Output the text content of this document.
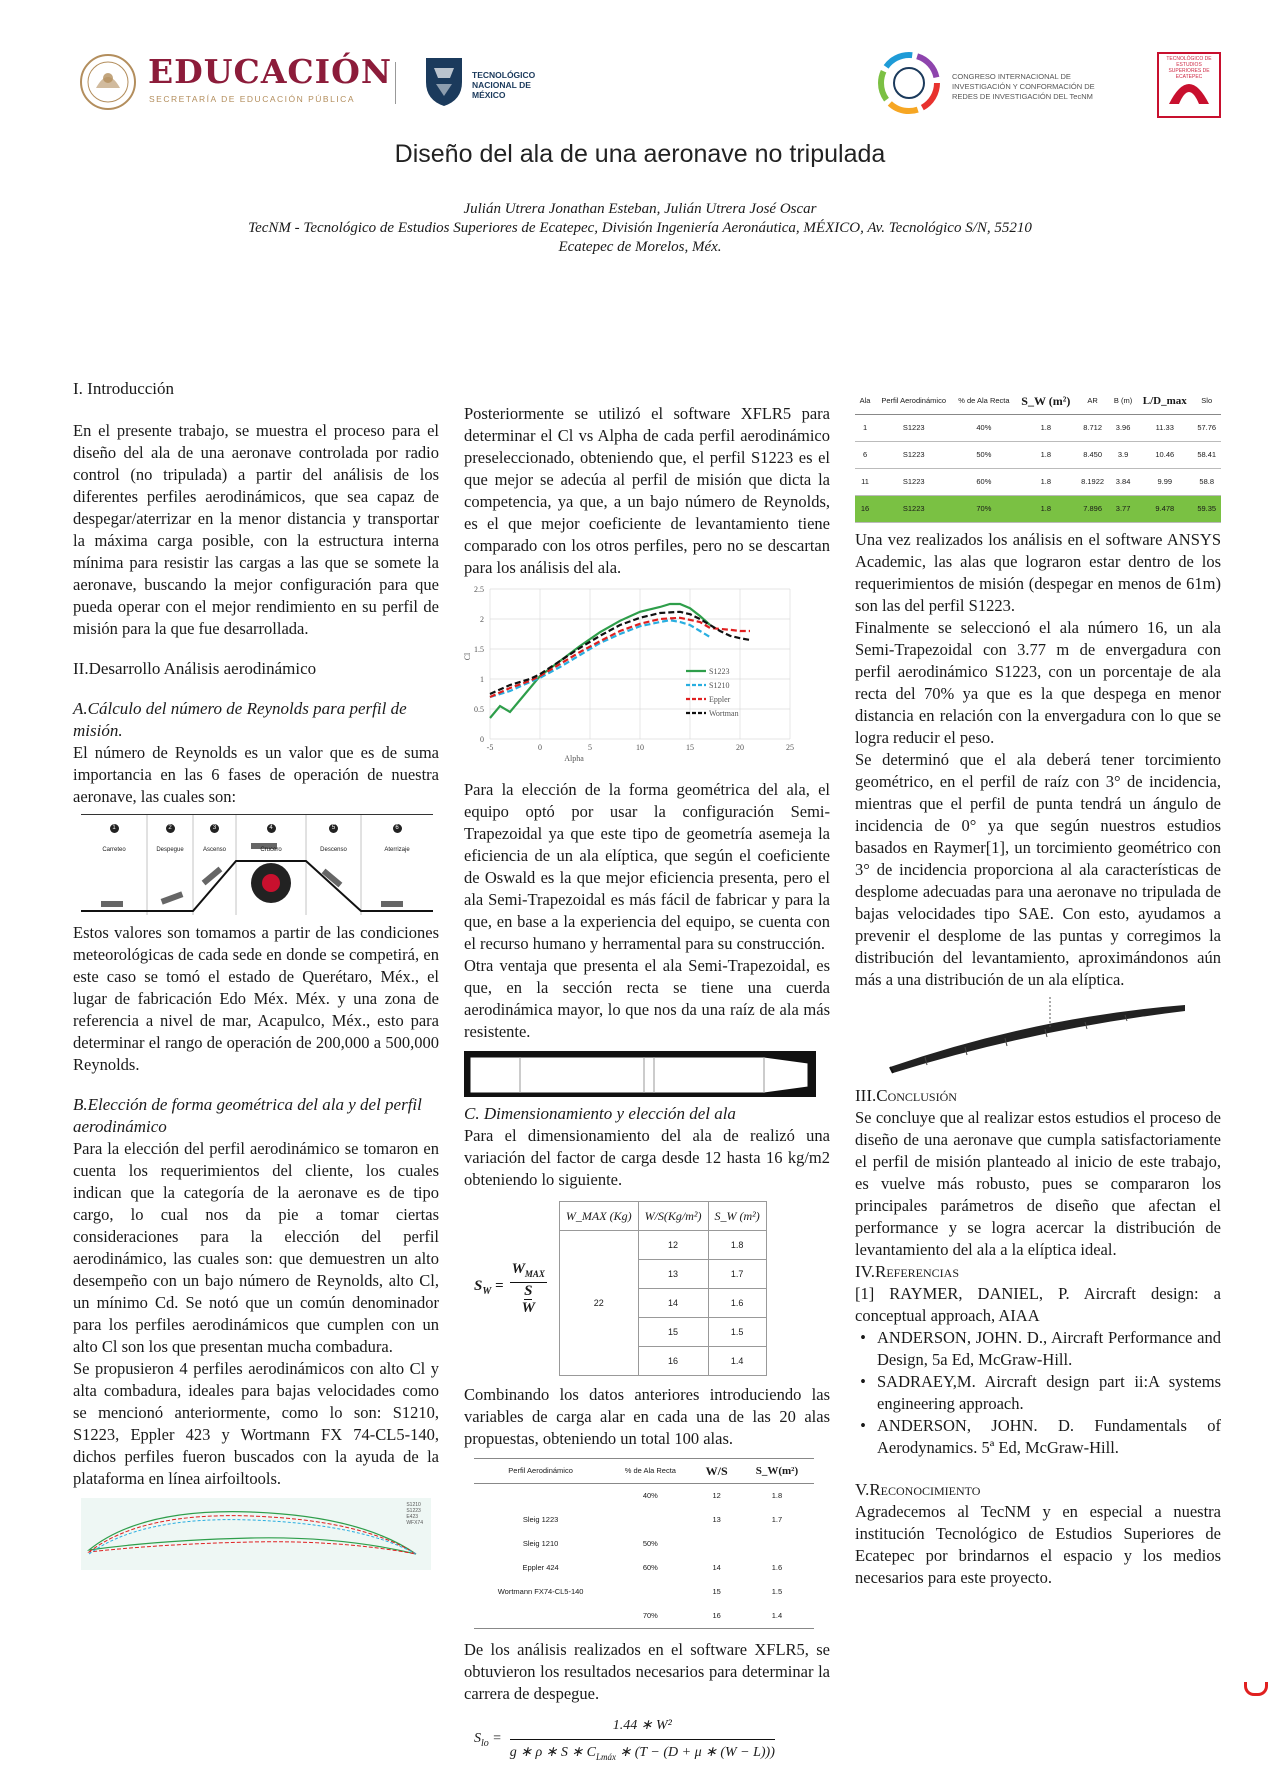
EDUCACIÓN
SECRETARÍA DE EDUCACIÓN PÚBLICA
TECNOLÓGICO NACIONAL DE MÉXICO
CONGRESO INTERNACIONAL DE INVESTIGACIÓN Y CONFORMACIÓN DE REDES DE INVESTIGACIÓN DEL TecNM
TECNOLÓGICO DE ESTUDIOS SUPERIORES DE ECATEPEC
Diseño del ala de una aeronave no tripulada
Julián Utrera Jonathan Esteban, Julián Utrera José Oscar
TecNM - Tecnológico de Estudios Superiores de Ecatepec, División Ingeniería Aeronáutica, MÉXICO, Av. Tecnológico S/N, 55210
Ecatepec de Morelos, Méx.

I. Introducción

En el presente trabajo, se muestra el proceso para el diseño del ala de una aeronave controlada por radio control (no tripulada) a partir del análisis de los diferentes perfiles aerodinámicos, que sea capaz de despegar/aterrizar en la menor distancia y transportar la máxima carga posible, con la estructura interna mínima para resistir las cargas a las que se somete la aeronave, buscando la mejor configuración para que pueda operar con el mejor rendimiento en su perfil de misión para la que fue desarrollada.

II.Desarrollo Análisis aerodinámico

A.Cálculo del número de Reynolds para perfil de misión.

El número de Reynolds es un valor que es de suma importancia en las 6 fases de operación de nuestra aeronave, las cuales son:

1
Carreteo
2
Despegue
3
Ascenso
4
Crucero
5
Descenso
6
Aterrizaje

Estos valores son tomamos a partir de las condiciones meteorológicas de cada sede en donde se competirá, en este caso se tomó el estado de Querétaro, Méx., el lugar de fabricación Edo Méx. Méx. y una zona de referencia a nivel de mar, Acapulco, Méx., esto para determinar el rango de operación de 200,000 a 500,000 Reynolds.

B.Elección de forma geométrica del ala y del perfil aerodinámico

Para la elección del perfil aerodinámico se tomaron en cuenta los requerimientos del cliente, los cuales indican que la categoría de la aeronave es de tipo cargo, lo cual nos da pie a tomar ciertas consideraciones para la elección del perfil aerodinámico, las cuales son: que demuestren un alto desempeño con un bajo número de Reynolds, alto Cl, un mínimo Cd. Se notó que un común denominador para los perfiles aerodinámicos que cumplen con un alto Cl son los que presentan mucha combadura.

Se propusieron 4 perfiles aerodinámicos con alto Cl y alta combadura, ideales para bajas velocidades como se mencionó anteriormente, como lo son: S1210, S1223, Eppler 423 y Wortmann FX 74-CL5-140, dichos perfiles fueron buscados con la ayuda de la plataforma en línea airfoiltools.

S1210
S1223
E423
WFX74

Posteriormente se utilizó el software XFLR5 para determinar el Cl vs Alpha de cada perfil aerodinámico preseleccionado, obteniendo que, el perfil S1223 es el que mejor se adecúa al perfil de misión que dicta la competencia, ya que, a un bajo número de Reynolds, es el que mejor coeficiente de levantamiento tiene comparado con los otros perfiles, pero no se descartan para los análisis del ala.

0
0.5
1
1.5
2
2.5
-5	0	5	10	15	20	25
Alpha
Cl
S1223
S1210
Eppler
Wortman

Para la elección de la forma geométrica del ala, el equipo optó por usar la configuración Semi-Trapezoidal ya que este tipo de geometría asemeja la eficiencia de un ala elíptica, que según el coeficiente de Oswald es la que mejor eficiencia presenta, pero el ala Semi-Trapezoidal es más fácil de fabricar y para la que, en base a la experiencia del equipo, se cuenta con el recurso humano y herramental para su construcción.

Otra ventaja que presenta el ala Semi-Trapezoidal, es que, en la sección recta se tiene una cuerda aerodinámica mayor, lo que nos da una raíz de ala más resistente.

C. Dimensionamiento y elección del ala

Para el dimensionamiento del ala de realizó una variación del factor de carga desde 12 hasta 16 kg/m2 obteniendo lo siguiente.

$S_W$ =
$W_{MAX}$
S
W
W_MAX (Kg)	W/S(Kg/m²)	S_W (m²)
22	12	1.8
	13	1.7
	14	1.6
	15	1.5
	16	1.4

Combinando los datos anteriores introduciendo las variables de carga alar en cada una de las 20 alas propuestas, obteniendo un total 100 alas.

Perfil Aerodinámico	% de Ala Recta	W/S	S_W(m²)
	40%	12	1.8
Sleig 1223		13	1.7
Sleig 1210	50%		
Eppler 424	60%	14	1.6
Wortmann FX74-CL5-140		15	1.5
	70%	16	1.4

De los análisis realizados en el software XFLR5, se obtuvieron los resultados necesarios para determinar la carrera de despegue.

$S_{lo}$ =
1.44 ∗ W²
g ∗ ρ ∗ S ∗ $C_{Lmáx}$ ∗ (T − (D + μ ∗ (W − L)))
Ala	Perfil Aerodinámico	% de Ala Recta	S_W (m²)	AR	B (m)	L/D_max	Slo
1	S1223	40%	1.8	8.712	3.96	11.33	57.76
6	S1223	50%	1.8	8.450	3.9	10.46	58.41
11	S1223	60%	1.8	8.1922	3.84	9.99	58.8
16	S1223	70%	1.8	7.896	3.77	9.478	59.35

Una vez realizados los análisis en el software ANSYS Academic, las alas que lograron estar dentro de los requerimientos de misión (despegar en menos de 61m) son las del perfil S1223.

Finalmente se seleccionó el ala número 16, un ala Semi-Trapezoidal con 3.77 m de envergadura con perfil aerodinámico S1223, con un porcentaje de ala recta del 70% ya que es la que despega en menor distancia en relación con la envergadura con lo que se logra reducir el peso.

Se determinó que el ala deberá tener torcimiento geométrico, en el perfil de raíz con 3° de incidencia, mientras que el perfil de punta tendrá un ángulo de incidencia de 0° ya que según nuestros estudios basados en Raymer[1], un torcimiento geométrico con 3° de incidencia proporciona al ala características de desplome adecuadas para una aeronave no tripulada de bajas velocidades tipo SAE. Con esto, ayudamos a prevenir el desplome de las puntas y corregimos la distribución del levantamiento, aproximándonos aún más a una distribución de un ala elíptica.

III.Conclusión

Se concluye que al realizar estos estudios el proceso de diseño de una aeronave que cumpla satisfactoriamente el perfil de misión planteado al inicio de este trabajo, es vuelve más robusto, pues se compararon los principales parámetros de diseño que afectan el performance y se logra acercar la distribución de levantamiento del ala a la elíptica ideal.

IV.Referencias

[1] RAYMER, DANIEL, P. Aircraft design: a conceptual approach, AIAA

• ANDERSON, JOHN. D., Aircraft Performance and Design, 5a Ed, McGraw-Hill.
• SADRAEY,M. Aircraft design part ii:A systems engineering approach.
• ANDERSON, JOHN. D. Fundamentals of Aerodynamics. 5ª Ed, McGraw-Hill.

V.Reconocimiento

Agradecemos al TecNM y en especial a nuestra institución Tecnológico de Estudios Superiores de Ecatepec por brindarnos el espacio y los medios necesarios para este proyecto.
